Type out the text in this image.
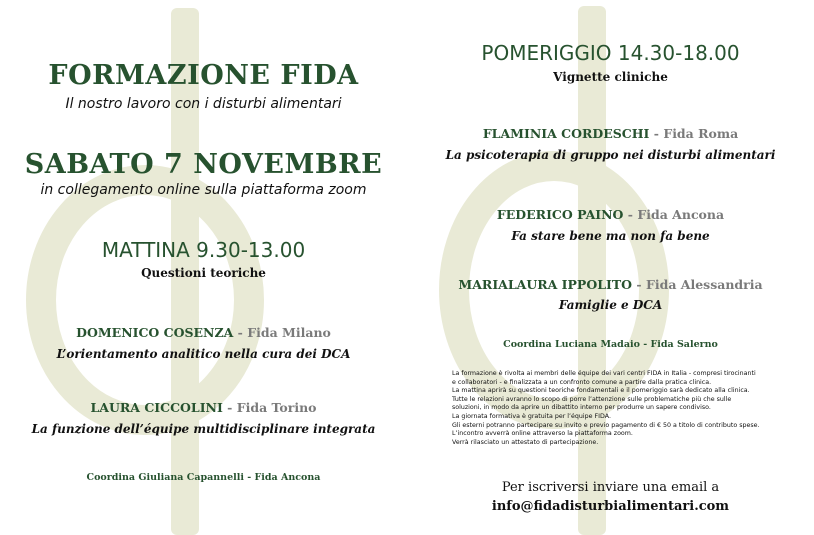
FORMAZIONE FIDA
Il nostro lavoro con i disturbi alimentari
SABATO 7 NOVEMBRE
in collegamento online sulla piattaforma zoom
MATTINA 9.30-13.00
Questioni teoriche
DOMENICO COSENZA - Fida Milano
L’orientamento analitico nella cura dei DCA
LAURA CICCOLINI - Fida Torino
La funzione dell’équipe multidisciplinare integrata
Coordina Giuliana Capannelli - Fida Ancona
POMERIGGIO 14.30-18.00
Vignette cliniche
FLAMINIA CORDESCHI - Fida Roma
La psicoterapia di gruppo nei disturbi alimentari
FEDERICO PAINO - Fida Ancona
Fa stare bene ma non fa bene
MARIALAURA IPPOLITO - Fida Alessandria
Famiglie e DCA
Coordina Luciana Madaio - Fida Salerno
Per iscriversi inviare una email a
info@fidadisturbialimentari.com
La formazione è rivolta ai membri delle équipe dei vari centri FIDA in Italia - compresi tirocinanti
e collaboratori - e finalizzata a un confronto comune a partire dalla pratica clinica.
La mattina aprirà su questioni teoriche fondamentali e il pomeriggio sarà dedicato alla clinica.
Tutte le relazioni avranno lo scopo di porre l’attenzione sulle problematiche più che sulle
soluzioni, in modo da aprire un dibattito interno per produrre un sapere condiviso.
La giornata formativa è gratuita per l’équipe FIDA.
Gli esterni potranno partecipare su invito e previo pagamento di € 50 a titolo di contributo spese.
L’incontro avverrà online attraverso la piattaforma zoom.
Verrà rilasciato un attestato di partecipazione.
